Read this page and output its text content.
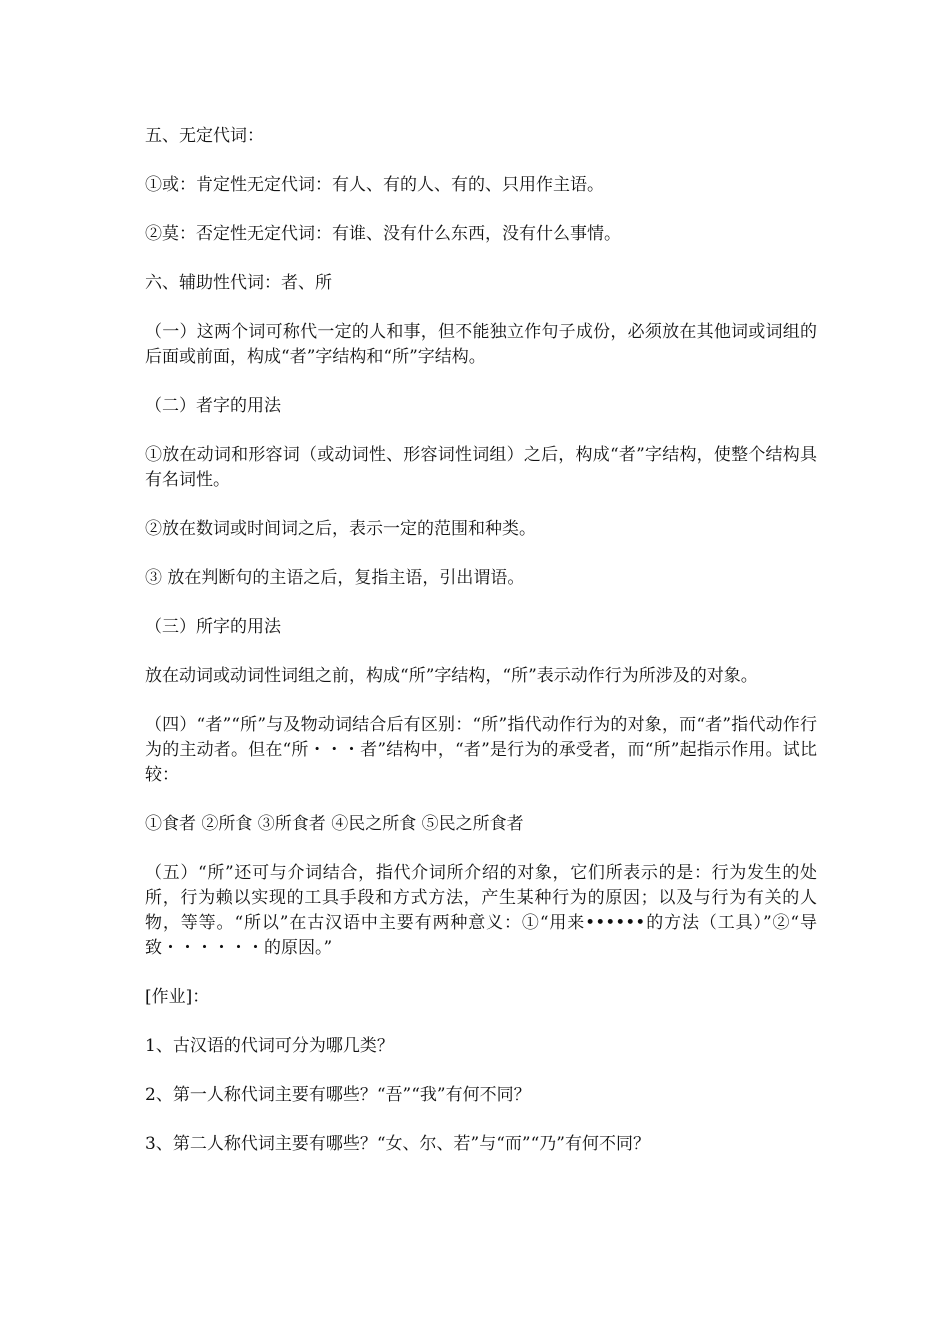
五、无定代词：

①或：肯定性无定代词：有人、有的人、有的、只用作主语。

②莫：否定性无定代词：有谁、没有什么东西，没有什么事情。

六、辅助性代词：者、所

（一）这两个词可称代一定的人和事，但不能独立作句子成份，必须放在其他词或词组的后面或前面，构成“者”字结构和“所”字结构。

（二）者字的用法

①放在动词和形容词（或动词性、形容词性词组）之后，构成“者”字结构，使整个结构具有名词性。

②放在数词或时间词之后，表示一定的范围和种类。

③ 放在判断句的主语之后，复指主语，引出谓语。

（三）所字的用法

放在动词或动词性词组之前，构成“所”字结构，“所”表示动作行为所涉及的对象。

（四）“者”“所”与及物动词结合后有区别：“所”指代动作行为的对象，而“者”指代动作行为的主动者。但在“所・・・者”结构中，“者”是行为的承受者，而“所”起指示作用。试比较：

①食者 ②所食 ③所食者 ④民之所食 ⑤民之所食者

（五）“所”还可与介词结合，指代介词所介绍的对象，它们所表示的是：行为发生的处所，行为赖以实现的工具手段和方式方法，产生某种行为的原因；以及与行为有关的人物，等等。“所以”在古汉语中主要有两种意义：①“用来••••••的方法（工具）”②“导致・・・・・・的原因。”

[作业]：

1、古汉语的代词可分为哪几类？

2、第一人称代词主要有哪些？“吾”“我”有何不同？

3、第二人称代词主要有哪些？“女、尔、若”与“而”“乃”有何不同？
